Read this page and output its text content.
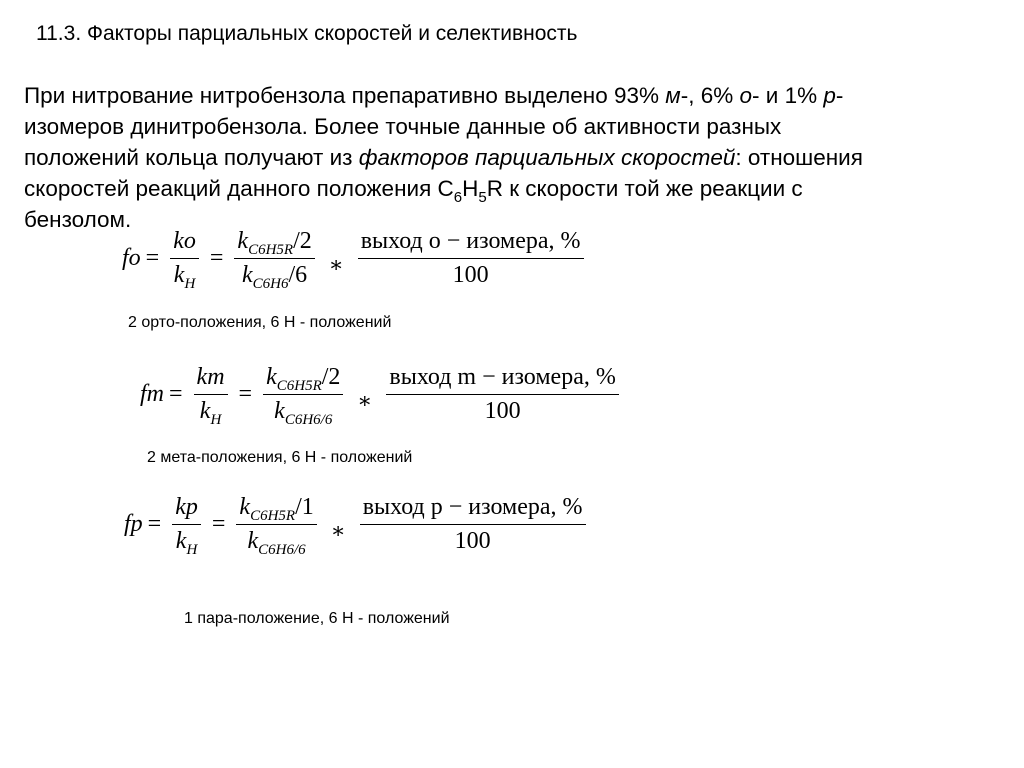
11.3. Факторы парциальных скоростей и селективность
При нитрование нитробензола препаративно выделено 93% м-, 6% о- и 1% р-
изомеров динитробензола. Более точные данные об активности разных
положений кольца получают из факторов парциальных скоростей: отношения
скоростей реакций данного положения $C_6H_5R$ к скорости той же реакции с
бензолом.
fo = $\frac{ko}{k_H} = \frac{k_{C6H5R}/2}{k_{C6H6}/6}$ ∗ $\frac{\text{выход о − изомера, \%}}{100}$
2 орто-положения, 6 Н - положений
fm = $\frac{km}{k_H} = \frac{k_{C6H5R}/2}{k_{C6H6/6}}$ ∗ $\frac{\text{выход m − изомера, \%}}{100}$
2 мета-положения, 6 Н - положений
fp = $\frac{kp}{k_H} = \frac{k_{C6H5R}/1}{k_{C6H6/6}}$ ∗ $\frac{\text{выход p − изомера, \%}}{100}$
1 пара-положение, 6 Н - положений
